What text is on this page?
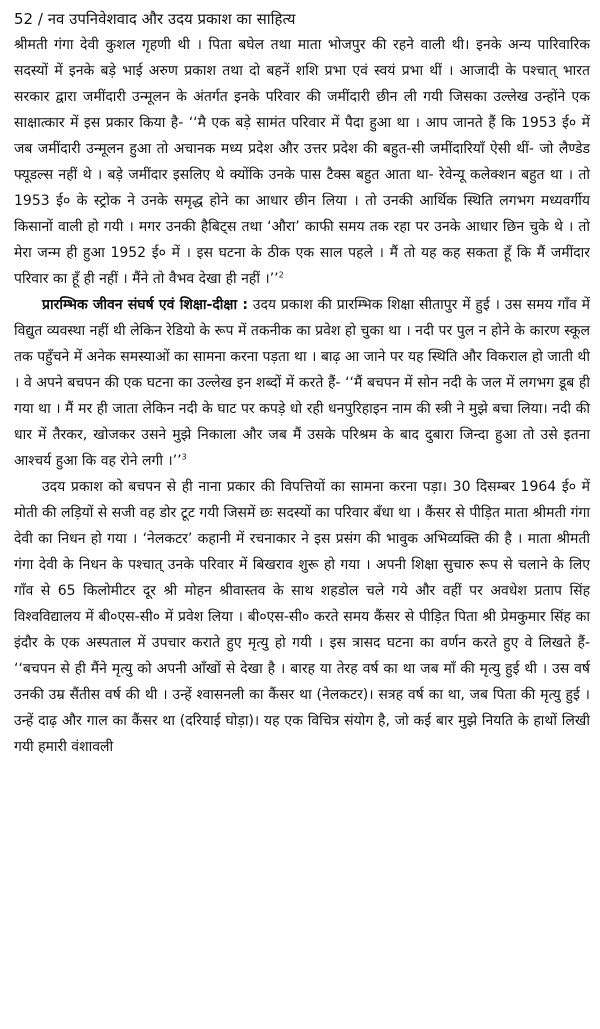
52 / नव उपनिवेशवाद और उदय प्रकाश का साहित्य

श्रीमती गंगा देवी कुशल गृहणी थी । पिता बघेल तथा माता भोजपुर की रहने वाली थी। इनके अन्य पारिवारिक सदस्यों में इनके बड़े भाई अरुण प्रकाश तथा दो बहनें शशि प्रभा एवं स्वयं प्रभा थीं । आजादी के पश्चात् भारत सरकार द्वारा जमींदारी उन्मूलन के अंतर्गत इनके परिवार की जमींदारी छीन ली गयी जिसका उल्लेख उन्होंने एक साक्षात्कार में इस प्रकार किया है- ‘‘मै एक बड़े सामंत परिवार में पैदा हुआ था । आप जानते हैं कि 1953 ई० में जब जमींदारी उन्मूलन हुआ तो अचानक मध्य प्रदेश और उत्तर प्रदेश की बहुत-सी जमींदारियाँ ऐसी थीं- जो लैण्डेड फ्यूडल्स नहीं थे । बड़े जमींदार इसलिए थे क्योंकि उनके पास टैक्स बहुत आता था- रेवेन्यू कलेक्शन बहुत था । तो 1953 ई० के स्ट्रोक ने उनके समृद्ध होने का आधार छीन लिया । तो उनकी आर्थिक स्थिति लगभग मध्यवर्गीय किसानों वाली हो गयी । मगर उनकी हैबिट्स तथा ‘औरा’ काफी समय तक रहा पर उनके आधार छिन चुके थे । तो मेरा जन्म ही हुआ 1952 ई० में । इस घटना के ठीक एक साल पहले । मैं तो यह कह सकता हूँ कि मैं जमींदार परिवार का हूँ ही नहीं । मैंने तो वैभव देखा ही नहीं ।’’$^2$

प्रारम्भिक जीवन संघर्ष एवं शिक्षा-दीक्षा : उदय प्रकाश की प्रारम्भिक शिक्षा सीतापुर में हुई । उस समय गाँव में विद्युत व्यवस्था नहीं थी लेकिन रेडियो के रूप में तकनीक का प्रवेश हो चुका था । नदी पर पुल न होने के कारण स्कूल तक पहुँचने में अनेक समस्याओं का सामना करना पड़ता था । बाढ़ आ जाने पर यह स्थिति और विकराल हो जाती थी । वे अपने बचपन की एक घटना का उल्लेख इन शब्दों में करते हैं- ‘‘मैं बचपन में सोन नदी के जल में लगभग डूब ही गया था । मैं मर ही जाता लेकिन नदी के घाट पर कपड़े धो रही धनपुरिहाइन नाम की स्त्री ने मुझे बचा लिया। नदी की धार में तैरकर, खोजकर उसने मुझे निकाला और जब मैं उसके परिश्रम के बाद दुबारा जिन्दा हुआ तो उसे इतना आश्चर्य हुआ कि वह रोने लगी ।’’$^3$

उदय प्रकाश को बचपन से ही नाना प्रकार की विपत्तियों का सामना करना पड़ा। 30 दिसम्बर 1964 ई० में मोती की लड़ियों से सजी वह डोर टूट गयी जिसमें छः सदस्यों का परिवार बँधा था । कैंसर से पीड़ित माता श्रीमती गंगा देवी का निधन हो गया । ‘नेलकटर’ कहानी में रचनाकार ने इस प्रसंग की भावुक अभिव्यक्ति की है । माता श्रीमती गंगा देवी के निधन के पश्चात् उनके परिवार में बिखराव शुरू हो गया । अपनी शिक्षा सुचारु रूप से चलाने के लिए गाँव से 65 किलोमीटर दूर श्री मोहन श्रीवास्तव के साथ शहडोल चले गये और वहीं पर अवधेश प्रताप सिंह विश्वविद्यालय में बी०एस-सी० में प्रवेश लिया । बी०एस-सी० करते समय कैंसर से पीड़ित पिता श्री प्रेमकुमार सिंह का इंदौर के एक अस्पताल में उपचार कराते हुए मृत्यु हो गयी । इस त्रासद घटना का वर्णन करते हुए वे लिखते हैं- ‘‘बचपन से ही मैंने मृत्यु को अपनी आँखों से देखा है । बारह या तेरह वर्ष का था जब माँ की मृत्यु हुई थी । उस वर्ष उनकी उम्र सैंतीस वर्ष की थी । उन्हें श्वासनली का कैंसर था (नेलकटर)। सत्रह वर्ष का था, जब पिता की मृत्यु हुई । उन्हें दाढ़ और गाल का कैंसर था (दरियाई घोड़ा)। यह एक विचित्र संयोग है, जो कई बार मुझे नियति के हाथों लिखी गयी हमारी वंशावली
